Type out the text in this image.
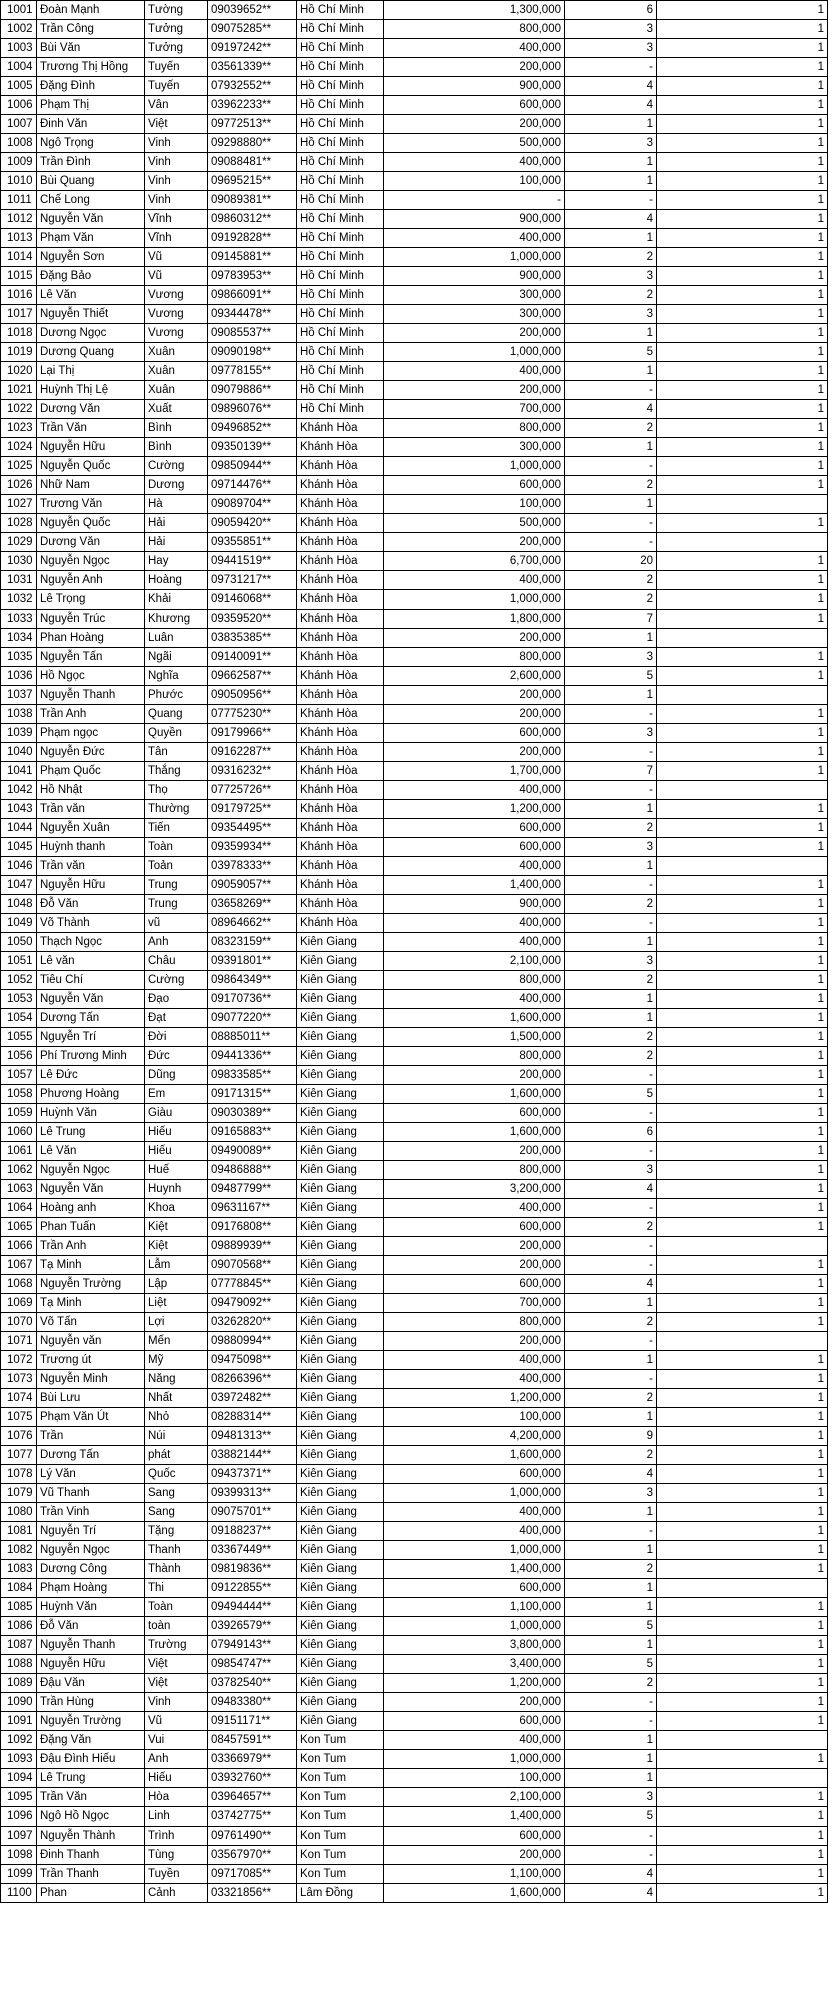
1001	Đoàn Mạnh	Tường	09039652**	Hồ Chí Minh	1,300,000	6	1
1002	Trần Công	Tưởng	09075285**	Hồ Chí Minh	800,000	3	1
1003	Bùi Văn	Tưởng	09197242**	Hồ Chí Minh	400,000	3	1
1004	Trương Thị Hồng	Tuyến	03561339**	Hồ Chí Minh	200,000	-	1
1005	Đặng Đình	Tuyến	07932552**	Hồ Chí Minh	900,000	4	1
1006	Phạm Thị	Vân	03962233**	Hồ Chí Minh	600,000	4	1
1007	Đinh Văn	Việt	09772513**	Hồ Chí Minh	200,000	1	1
1008	Ngô Trọng	Vinh	09298880**	Hồ Chí Minh	500,000	3	1
1009	Trần Đình	Vinh	09088481**	Hồ Chí Minh	400,000	1	1
1010	Bùi Quang	Vinh	09695215**	Hồ Chí Minh	100,000	1	1
1011	Chế Long	Vinh	09089381**	Hồ Chí Minh	-	-	1
1012	Nguyễn Văn	Vĩnh	09860312**	Hồ Chí Minh	900,000	4	1
1013	Phạm Văn	Vĩnh	09192828**	Hồ Chí Minh	400,000	1	1
1014	Nguyễn Sơn	Vũ	09145881**	Hồ Chí Minh	1,000,000	2	1
1015	Đặng Bảo	Vũ	09783953**	Hồ Chí Minh	900,000	3	1
1016	Lê Văn	Vương	09866091**	Hồ Chí Minh	300,000	2	1
1017	Nguyễn Thiết	Vương	09344478**	Hồ Chí Minh	300,000	3	1
1018	Dương Ngọc	Vương	09085537**	Hồ Chí Minh	200,000	1	1
1019	Dương Quang	Xuân	09090198**	Hồ Chí Minh	1,000,000	5	1
1020	Lại Thị	Xuân	09778155**	Hồ Chí Minh	400,000	1	1
1021	Huỳnh Thị Lệ	Xuân	09079886**	Hồ Chí Minh	200,000	-	1
1022	Dương Văn	Xuất	09896076**	Hồ Chí Minh	700,000	4	1
1023	Trần Văn	Bình	09496852**	Khánh Hòa	800,000	2	1
1024	Nguyễn Hữu	Bình	09350139**	Khánh Hòa	300,000	1	1
1025	Nguyễn Quốc	Cường	09850944**	Khánh Hòa	1,000,000	-	1
1026	Nhữ Nam	Dương	09714476**	Khánh Hòa	600,000	2	1
1027	Trương Văn	Hà	09089704**	Khánh Hòa	100,000	1	
1028	Nguyễn Quốc	Hải	09059420**	Khánh Hòa	500,000	-	1
1029	Dương Văn	Hải	09355851**	Khánh Hòa	200,000	-	
1030	Nguyễn Ngọc	Hay	09441519**	Khánh Hòa	6,700,000	20	1
1031	Nguyễn Anh	Hoàng	09731217**	Khánh Hòa	400,000	2	1
1032	Lê Trọng	Khải	09146068**	Khánh Hòa	1,000,000	2	1
1033	Nguyễn Trúc	Khương	09359520**	Khánh Hòa	1,800,000	7	1
1034	Phan Hoàng	Luân	03835385**	Khánh Hòa	200,000	1	
1035	Nguyễn Tấn	Ngãi	09140091**	Khánh Hòa	800,000	3	1
1036	Hồ Ngọc	Nghĩa	09662587**	Khánh Hòa	2,600,000	5	1
1037	Nguyễn Thanh	Phước	09050956**	Khánh Hòa	200,000	1	
1038	Trần Anh	Quang	07775230**	Khánh Hòa	200,000	-	1
1039	Phạm ngọc	Quyền	09179966**	Khánh Hòa	600,000	3	1
1040	Nguyễn Đức	Tân	09162287**	Khánh Hòa	200,000	-	1
1041	Phạm Quốc	Thắng	09316232**	Khánh Hòa	1,700,000	7	1
1042	Hồ Nhật	Thọ	07725726**	Khánh Hòa	400,000	-	
1043	Trần văn	Thường	09179725**	Khánh Hòa	1,200,000	1	1
1044	Nguyễn Xuân	Tiến	09354495**	Khánh Hòa	600,000	2	1
1045	Huỳnh thanh	Toàn	09359934**	Khánh Hòa	600,000	3	1
1046	Trần văn	Toản	03978333**	Khánh Hòa	400,000	1	
1047	Nguyễn Hữu	Trung	09059057**	Khánh Hòa	1,400,000	-	1
1048	Đỗ Văn	Trung	03658269**	Khánh Hòa	900,000	2	1
1049	Võ Thành	vũ	08964662**	Khánh Hòa	400,000	-	1
1050	Thạch Ngọc	Anh	08323159**	Kiên Giang	400,000	1	1
1051	Lê văn	Châu	09391801**	Kiên Giang	2,100,000	3	1
1052	Tiêu Chí	Cường	09864349**	Kiên Giang	800,000	2	1
1053	Nguyễn Văn	Đạo	09170736**	Kiên Giang	400,000	1	1
1054	Dương Tấn	Đạt	09077220**	Kiên Giang	1,600,000	1	1
1055	Nguyễn Trí	Đời	08885011**	Kiên Giang	1,500,000	2	1
1056	Phí Trương Minh	Đức	09441336**	Kiên Giang	800,000	2	1
1057	Lê Đức	Dũng	09833585**	Kiên Giang	200,000	-	1
1058	Phương Hoàng	Em	09171315**	Kiên Giang	1,600,000	5	1
1059	Huỳnh Văn	Giàu	09030389**	Kiên Giang	600,000	-	1
1060	Lê Trung	Hiếu	09165883**	Kiên Giang	1,600,000	6	1
1061	Lê Văn	Hiếu	09490089**	Kiên Giang	200,000	-	1
1062	Nguyễn Ngọc	Huế	09486888**	Kiên Giang	800,000	3	1
1063	Nguyễn Văn	Huynh	09487799**	Kiên Giang	3,200,000	4	1
1064	Hoàng anh	Khoa	09631167**	Kiên Giang	400,000	-	1
1065	Phan Tuấn	Kiệt	09176808**	Kiên Giang	600,000	2	1
1066	Trần Anh	Kiệt	09889939**	Kiên Giang	200,000	-	
1067	Tạ Minh	Lẫm	09070568**	Kiên Giang	200,000	-	1
1068	Nguyễn Trường	Lập	07778845**	Kiên Giang	600,000	4	1
1069	Tạ Minh	Liệt	09479092**	Kiên Giang	700,000	1	1
1070	Võ Tấn	Lợi	03262820**	Kiên Giang	800,000	2	1
1071	Nguyễn văn	Mến	09880994**	Kiên Giang	200,000	-	
1072	Trương út	Mỹ	09475098**	Kiên Giang	400,000	1	1
1073	Nguyễn Minh	Năng	08266396**	Kiên Giang	400,000	-	1
1074	Bùi Lưu	Nhất	03972482**	Kiên Giang	1,200,000	2	1
1075	Phạm Văn Út	Nhỏ	08288314**	Kiên Giang	100,000	1	1
1076	Trần	Núi	09481313**	Kiên Giang	4,200,000	9	1
1077	Dương Tấn	phát	03882144**	Kiên Giang	1,600,000	2	1
1078	Lý Văn	Quốc	09437371**	Kiên Giang	600,000	4	1
1079	Vũ Thanh	Sang	09399313**	Kiên Giang	1,000,000	3	1
1080	Trần Vinh	Sang	09075701**	Kiên Giang	400,000	1	1
1081	Nguyễn Trí	Tặng	09188237**	Kiên Giang	400,000	-	1
1082	Nguyễn Ngọc	Thanh	03367449**	Kiên Giang	1,000,000	1	1
1083	Dương Công	Thành	09819836**	Kiên Giang	1,400,000	2	1
1084	Phạm Hoàng	Thi	09122855**	Kiên Giang	600,000	1	
1085	Huỳnh Văn	Toàn	09494444**	Kiên Giang	1,100,000	1	1
1086	Đỗ Văn	toàn	03926579**	Kiên Giang	1,000,000	5	1
1087	Nguyễn Thanh	Trường	07949143**	Kiên Giang	3,800,000	1	1
1088	Nguyễn Hữu	Việt	09854747**	Kiên Giang	3,400,000	5	1
1089	Đậu Văn	Việt	03782540**	Kiên Giang	1,200,000	2	1
1090	Trần Hùng	Vinh	09483380**	Kiên Giang	200,000	-	1
1091	Nguyễn Trường	Vũ	09151171**	Kiên Giang	600,000	-	1
1092	Đặng Văn	Vui	08457591**	Kon Tum	400,000	1	
1093	Đậu Đình Hiếu	Anh	03366979**	Kon Tum	1,000,000	1	1
1094	Lê Trung	Hiếu	03932760**	Kon Tum	100,000	1	
1095	Trần Văn	Hòa	03964657**	Kon Tum	2,100,000	3	1
1096	Ngô Hồ Ngọc	Linh	03742775**	Kon Tum	1,400,000	5	1
1097	Nguyễn Thành	Trình	09761490**	Kon Tum	600,000	-	1
1098	Đinh Thanh	Tùng	03567970**	Kon Tum	200,000	-	1
1099	Trần Thanh	Tuyền	09717085**	Kon Tum	1,100,000	4	1
1100	Phan	Cảnh	03321856**	Lâm Đồng	1,600,000	4	1
